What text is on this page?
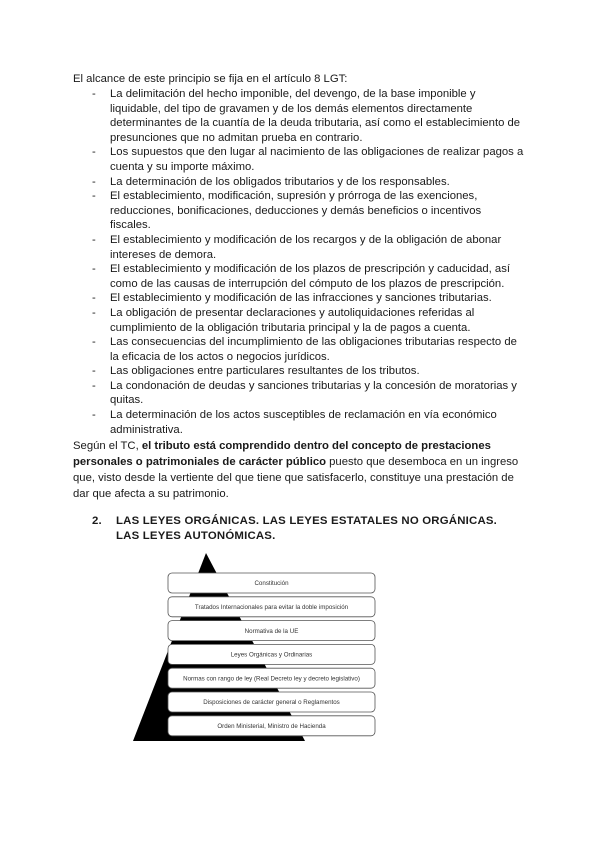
El alcance de este principio se fija en el artículo 8 LGT:
- La delimitación del hecho imponible, del devengo, de la base imponible y liquidable, del tipo de gravamen y de los demás elementos directamente determinantes de la cuantía de la deuda tributaria, así como el establecimiento de presunciones que no admitan prueba en contrario.
- Los supuestos que den lugar al nacimiento de las obligaciones de realizar pagos a cuenta y su importe máximo.
- La determinación de los obligados tributarios y de los responsables.
- El establecimiento, modificación, supresión y prórroga de las exenciones, reducciones, bonificaciones, deducciones y demás beneficios o incentivos fiscales.
- El establecimiento y modificación de los recargos y de la obligación de abonar intereses de demora.
- El establecimiento y modificación de los plazos de prescripción y caducidad, así como de las causas de interrupción del cómputo de los plazos de prescripción.
- El establecimiento y modificación de las infracciones y sanciones tributarias.
- La obligación de presentar declaraciones y autoliquidaciones referidas al cumplimiento de la obligación tributaria principal y la de pagos a cuenta.
- Las consecuencias del incumplimiento de las obligaciones tributarias respecto de la eficacia de los actos o negocios jurídicos.
- Las obligaciones entre particulares resultantes de los tributos.
- La condonación de deudas y sanciones tributarias y la concesión de moratorias y quitas.
- La determinación de los actos susceptibles de reclamación en vía económico administrativa.
Según el TC, el tributo está comprendido dentro del concepto de prestaciones personales o patrimoniales de carácter público puesto que desemboca en un ingreso que, visto desde la vertiente del que tiene que satisfacerlo, constituye una prestación de dar que afecta a su patrimonio.
2.	LAS LEYES ORGÁNICAS. LAS LEYES ESTATALES NO ORGÁNICAS. LAS LEYES AUTONÓMICAS.
Constitución
Tratados Internacionales para evitar la doble imposición
Normativa de la UE
Leyes Orgánicas y Ordinarias
Normas con rango de ley (Real Decreto ley y decreto legislativo)
Disposiciones de carácter general o Reglamentos
Orden Ministerial, Ministro de Hacienda
